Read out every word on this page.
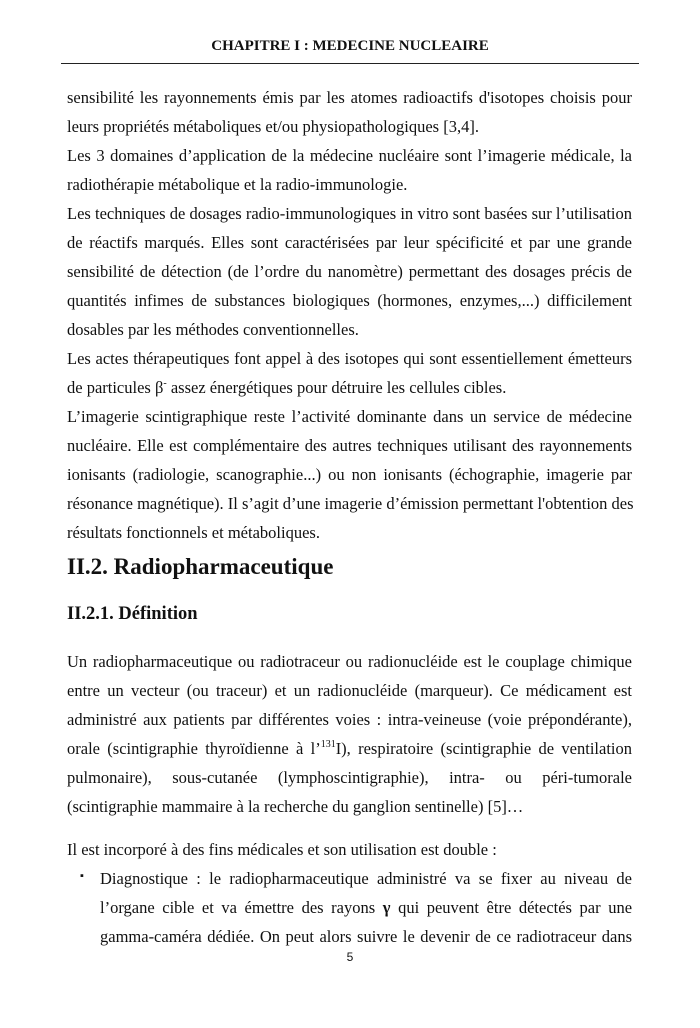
CHAPITRE I : MEDECINE NUCLEAIRE
sensibilité les rayonnements émis par les atomes radioactifs d'isotopes choisis pour
leurs propriétés métaboliques et/ou physiopathologiques [3,4].
Les 3 domaines d’application de la médecine nucléaire sont l’imagerie médicale, la
radiothérapie métabolique et la radio-immunologie.
Les techniques de dosages radio-immunologiques in vitro sont basées sur l’utilisation
de réactifs marqués. Elles sont caractérisées par leur spécificité et par une grande
sensibilité de détection (de l’ordre du nanomètre) permettant des dosages précis de
quantités infimes de substances biologiques (hormones, enzymes,...) difficilement
dosables par les méthodes conventionnelles.
Les actes thérapeutiques font appel à des isotopes qui sont essentiellement émetteurs
de particules β- assez énergétiques pour détruire les cellules cibles.
L’imagerie scintigraphique reste l’activité dominante dans un service de médecine
nucléaire. Elle est complémentaire des autres techniques utilisant des rayonnements
ionisants (radiologie, scanographie...) ou non ionisants (échographie, imagerie par
résonance magnétique). Il s’agit d’une imagerie d’émission permettant l'obtention des
résultats fonctionnels et métaboliques.
II.2. Radiopharmaceutique
II.2.1. Définition
Un radiopharmaceutique ou radiotraceur ou radionucléide est le couplage chimique
entre un vecteur (ou traceur) et un radionucléide (marqueur). Ce médicament est
administré aux patients par différentes voies : intra-veineuse (voie prépondérante),
orale (scintigraphie thyroïdienne à l’$^{131}$I), respiratoire (scintigraphie de ventilation
pulmonaire),   sous-cutanée   (lymphoscintigraphie),   intra-   ou   péri-tumorale
(scintigraphie mammaire à la recherche du ganglion sentinelle) [5]…
Il est incorporé à des fins médicales et son utilisation est double :
▪ Diagnostique : le radiopharmaceutique administré va se fixer au niveau de
l’organe cible et va émettre des rayons γ qui peuvent être détectés par une
gamma-caméra dédiée. On peut alors suivre le devenir de ce radiotraceur dans
5
